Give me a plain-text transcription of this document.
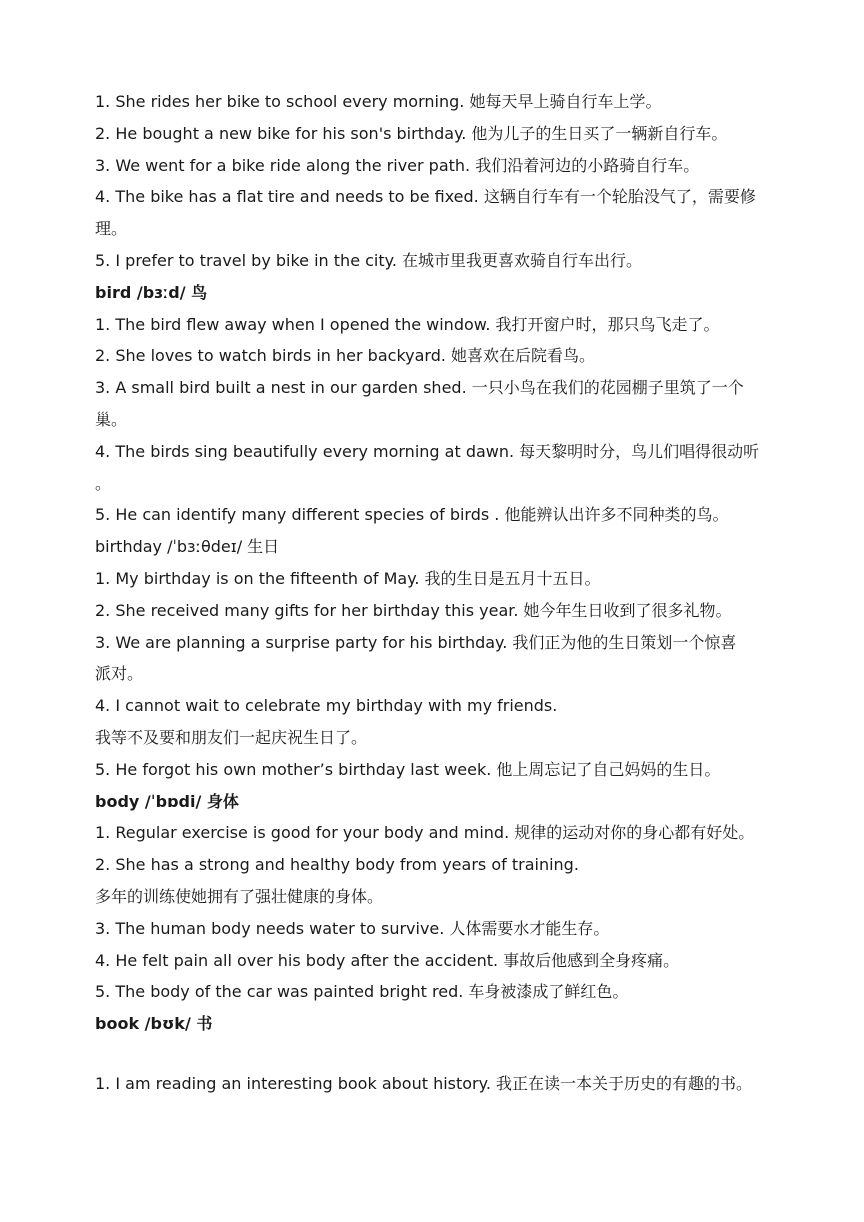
1. She rides her bike to school every morning. 她每天早上骑自行车上学。
2. He bought a new bike for his son's birthday. 他为儿子的生日买了一辆新自行车。
3. We went for a bike ride along the river path. 我们沿着河边的小路骑自行车。
4. The bike has a flat tire and needs to be fixed. 这辆自行车有一个轮胎没气了，需要修
理。
5. I prefer to travel by bike in the city. 在城市里我更喜欢骑自行车出行。
bird /bɜːd/ 鸟
1. The bird flew away when I opened the window. 我打开窗户时，那只鸟飞走了。
2. She loves to watch birds in her backyard. 她喜欢在后院看鸟。
3. A small bird built a nest in our garden shed. 一只小鸟在我们的花园棚子里筑了一个
巢。
4. The birds sing beautifully every morning at dawn. 每天黎明时分，鸟儿们唱得很动听
。
5. He can identify many different species of birds . 他能辨认出许多不同种类的鸟。
birthday /ˈbɜːθdeɪ/ 生日
1. My birthday is on the fifteenth of May. 我的生日是五月十五日。
2. She received many gifts for her birthday this year. 她今年生日收到了很多礼物。
3. We are planning a surprise party for his birthday. 我们正为他的生日策划一个惊喜
派对。
4. I cannot wait to celebrate my birthday with my friends.
我等不及要和朋友们一起庆祝生日了。
5. He forgot his own mother’s birthday last week. 他上周忘记了自己妈妈的生日。
body /ˈbɒdi/ 身体
1. Regular exercise is good for your body and mind. 规律的运动对你的身心都有好处。
2. She has a strong and healthy body from years of training.
多年的训练使她拥有了强壮健康的身体。
3. The human body needs water to survive. 人体需要水才能生存。
4. He felt pain all over his body after the accident. 事故后他感到全身疼痛。
5. The body of the car was painted bright red. 车身被漆成了鲜红色。
book /bʊk/ 书
1. I am reading an interesting book about history. 我正在读一本关于历史的有趣的书。
